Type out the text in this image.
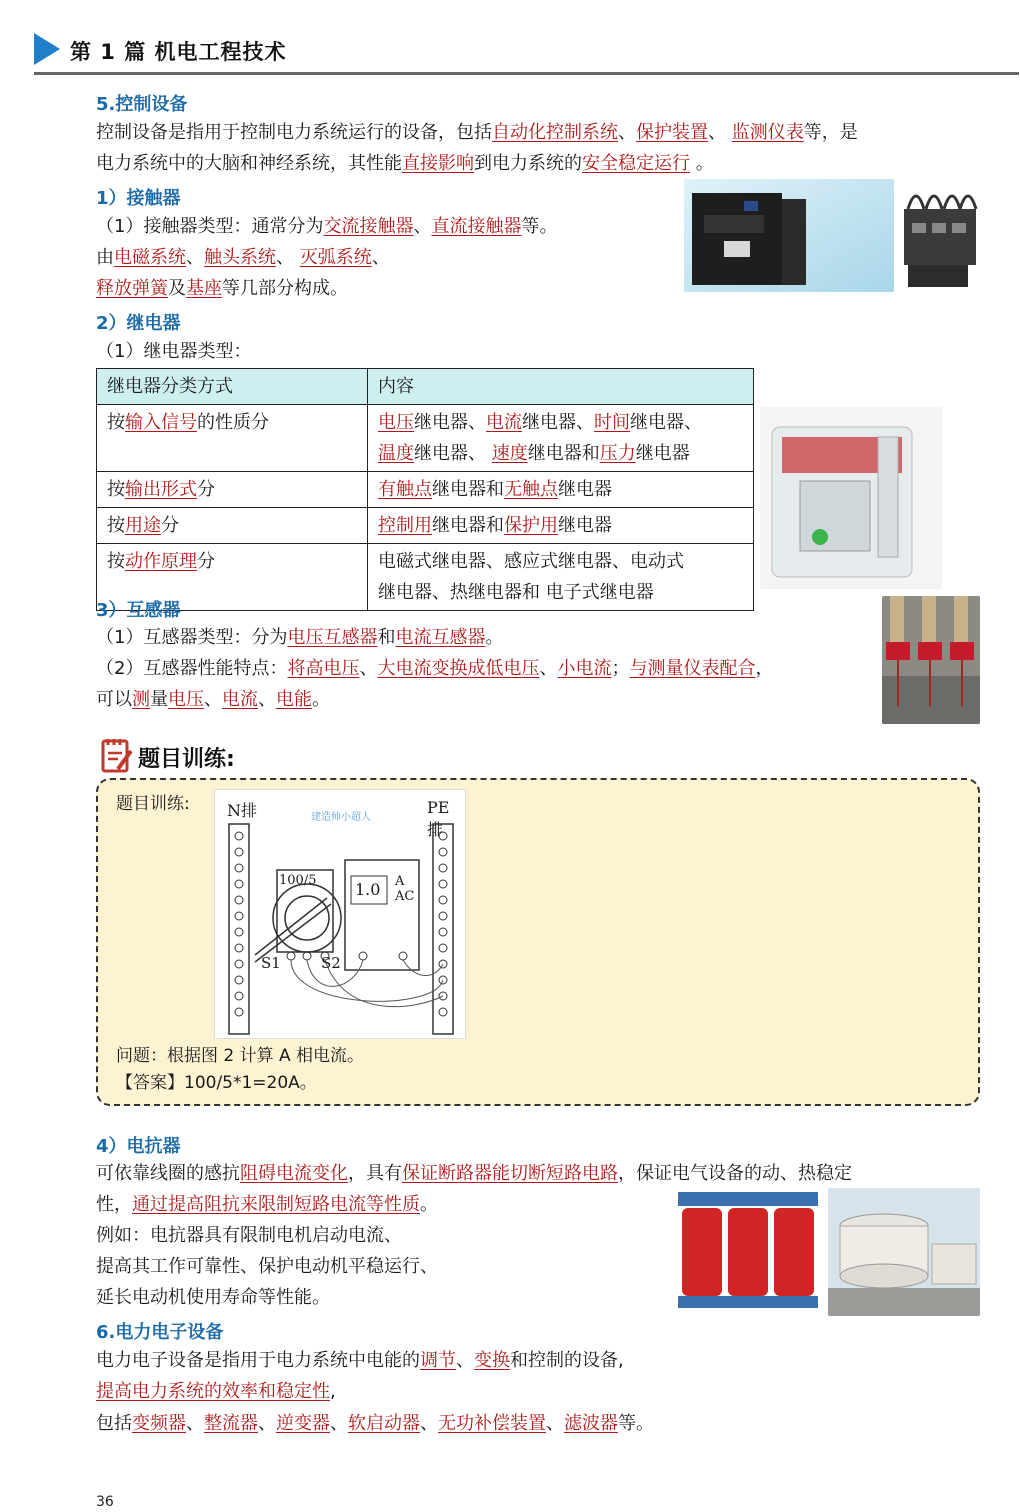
第 1 篇 机电工程技术
5.控制设备
控制设备是指用于控制电力系统运行的设备，包括自动化控制系统、保护装置、 监测仪表等，是
电力系统中的大脑和神经系统，其性能直接影响到电力系统的安全稳定运行 。
1）接触器
（1）接触器类型：通常分为交流接触器、直流接触器等。
由电磁系统、触头系统、 灭弧系统、
释放弹簧及基座等几部分构成。
2）继电器
（1）继电器类型：
继电器分类方式	内容
按输入信号的性质分	电压继电器、电流继电器、时间继电器、
温度继电器、 速度继电器和压力继电器
按输出形式分	有触点继电器和无触点继电器
按用途分	控制用继电器和保护用继电器
按动作原理分	电磁式继电器、感应式继电器、电动式
继电器、热继电器和 电子式继电器
3）互感器
（1）互感器类型：分为电压互感器和电流互感器。
（2）互感器性能特点：将高电压、大电流变换成低电压、小电流；与测量仪表配合，
可以测量电压、电流、电能。
题目训练:
题目训练: N排	PE排
建造师小超人
100/5 1.0 A
AC
S1	S2
问题：根据图 2 计算 A 相电流。
【答案】100/5*1=20A。
4）电抗器
可依靠线圈的感抗阻碍电流变化，具有保证断路器能切断短路电路，保证电气设备的动、热稳定
性，通过提高阻抗来限制短路电流等性质。
例如：电抗器具有限制电机启动电流、
提高其工作可靠性、保护电动机平稳运行、
延长电动机使用寿命等性能。
6.电力电子设备
电力电子设备是指用于电力系统中电能的调节、变换和控制的设备,
提高电力系统的效率和稳定性,
包括变频器、整流器、逆变器、软启动器、无功补偿装置、滤波器等。
36
